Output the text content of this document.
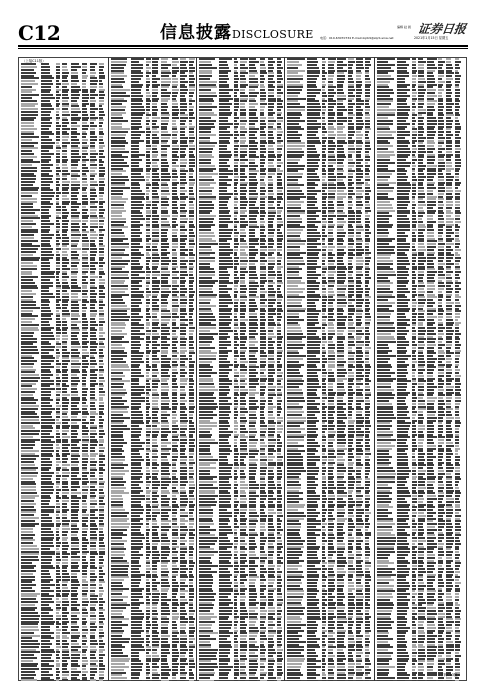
C12	信息披露DISCLOSURE
编辑 赵 晨
电话：010-63070734 E-mail:zqrb9@zqrb.sina.net	2021年1月15日 星期五
证券日报
（上接C11版）
（下转C13版）
